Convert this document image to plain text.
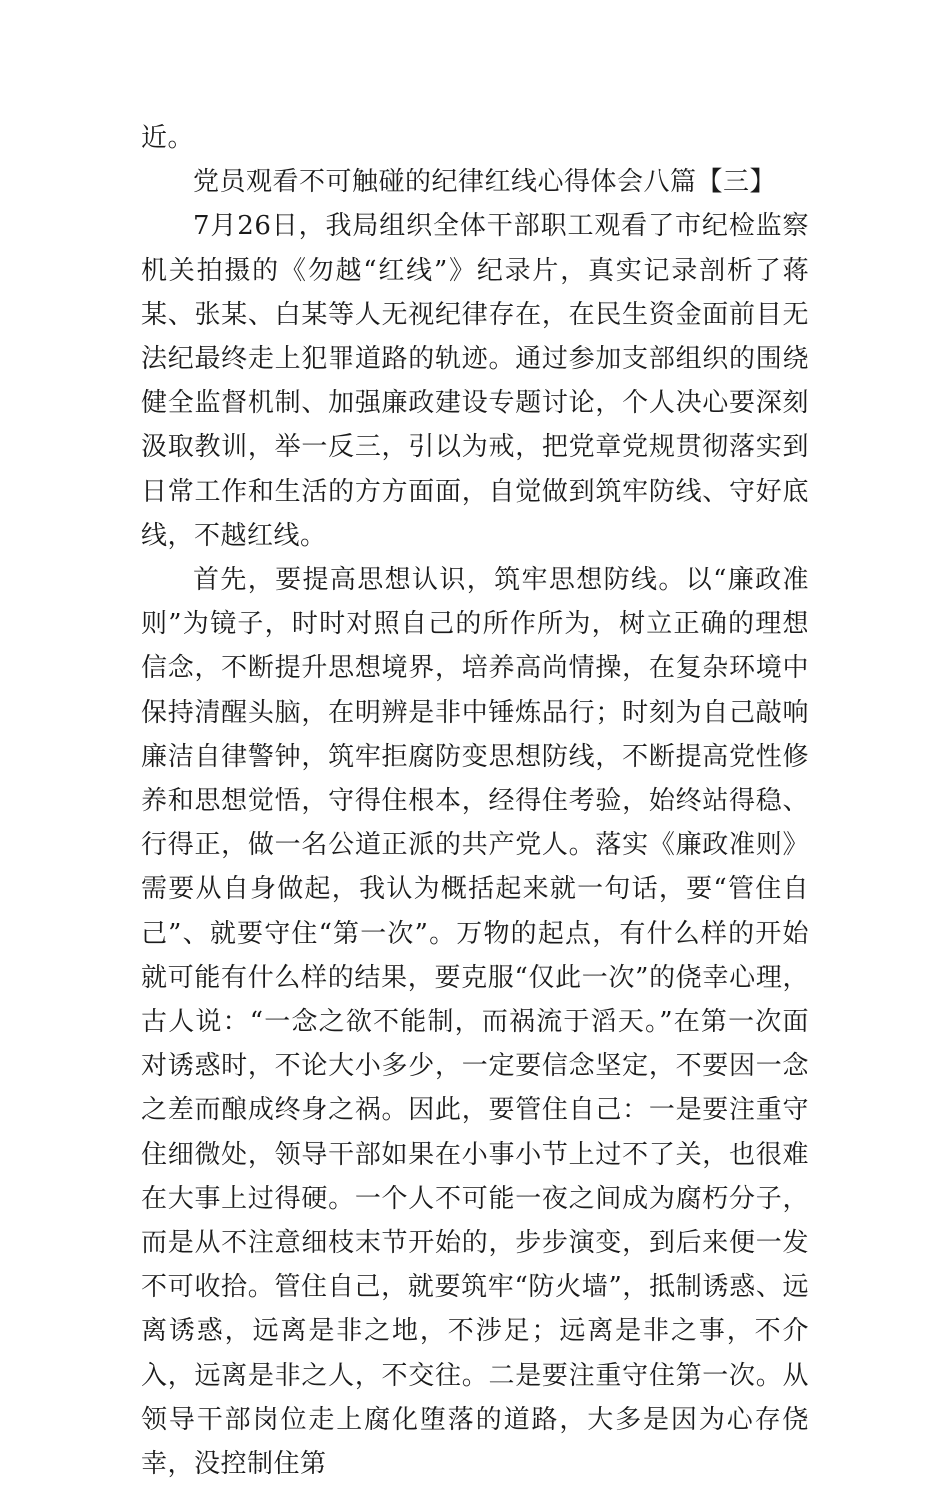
近。

党员观看不可触碰的纪律红线心得体会八篇【三】

7月26日，我局组织全体干部职工观看了市纪检监察机关拍摄的《勿越“红线”》纪录片，真实记录剖析了蒋某、张某、白某等人无视纪律存在，在民生资金面前目无法纪最终走上犯罪道路的轨迹。通过参加支部组织的围绕健全监督机制、加强廉政建设专题讨论，个人决心要深刻汲取教训，举一反三，引以为戒，把党章党规贯彻落实到日常工作和生活的方方面面，自觉做到筑牢防线、守好底线，不越红线。

首先，要提高思想认识，筑牢思想防线。以“廉政准则”为镜子，时时对照自己的所作所为，树立正确的理想信念，不断提升思想境界，培养高尚情操，在复杂环境中保持清醒头脑，在明辨是非中锤炼品行；时刻为自己敲响廉洁自律警钟，筑牢拒腐防变思想防线，不断提高党性修养和思想觉悟，守得住根本，经得住考验，始终站得稳、行得正，做一名公道正派的共产党人。落实《廉政准则》需要从自身做起，我认为概括起来就一句话，要“管住自己”、就要守住“第一次”。万物的起点，有什么样的开始就可能有什么样的结果，要克服“仅此一次”的侥幸心理，古人说：“一念之欲不能制，而祸流于滔天。”在第一次面对诱惑时，不论大小多少，一定要信念坚定，不要因一念之差而酿成终身之祸。因此，要管住自己：一是要注重守住细微处，领导干部如果在小事小节上过不了关，也很难在大事上过得硬。一个人不可能一夜之间成为腐朽分子，而是从不注意细枝末节开始的，步步演变，到后来便一发不可收拾。管住自己，就要筑牢“防火墙”，抵制诱惑、远离诱惑，远离是非之地，不涉足；远离是非之事，不介入，远离是非之人，不交往。二是要注重守住第一次。从领导干部岗位走上腐化堕落的道路，大多是因为心存侥幸，没控制住第
